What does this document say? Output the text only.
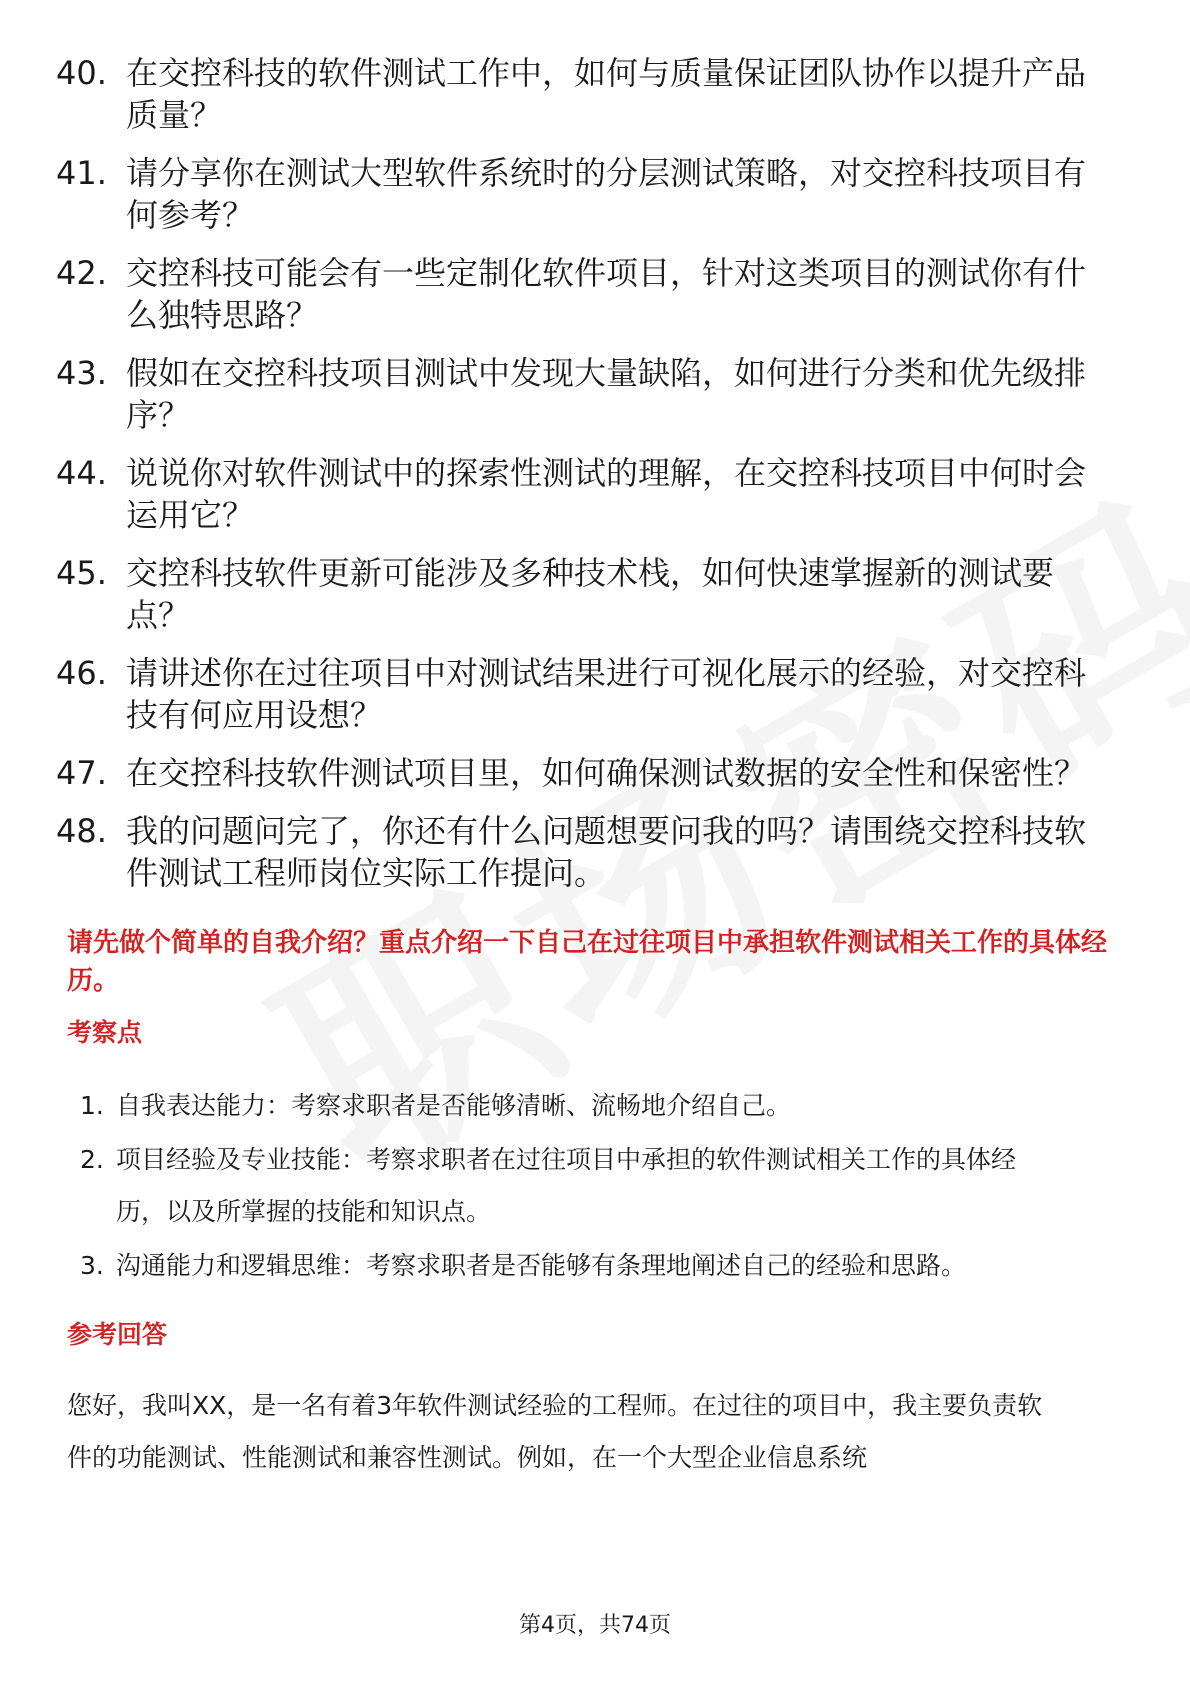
40. 在交控科技的软件测试工作中，如何与质量保证团队协作以提升产品质量？
41. 请分享你在测试大型软件系统时的分层测试策略，对交控科技项目有何参考？
42. 交控科技可能会有一些定制化软件项目，针对这类项目的测试你有什么独特思路？
43. 假如在交控科技项目测试中发现大量缺陷，如何进行分类和优先级排序？
44. 说说你对软件测试中的探索性测试的理解，在交控科技项目中何时会运用它？
45. 交控科技软件更新可能涉及多种技术栈，如何快速掌握新的测试要点？
46. 请讲述你在过往项目中对测试结果进行可视化展示的经验，对交控科技有何应用设想？
47. 在交控科技软件测试项目里，如何确保测试数据的安全性和保密性？
48. 我的问题问完了，你还有什么问题想要问我的吗？请围绕交控科技软件测试工程师岗位实际工作提问。
请先做个简单的自我介绍？重点介绍一下自己在过往项目中承担软件测试相关工作的具体经历。
考察点
1. 自我表达能力：考察求职者是否能够清晰、流畅地介绍自己。
2. 项目经验及专业技能：考察求职者在过往项目中承担的软件测试相关工作的具体经历，以及所掌握的技能和知识点。
3. 沟通能力和逻辑思维：考察求职者是否能够有条理地阐述自己的经验和思路。
参考回答
您好，我叫XX，是一名有着3年软件测试经验的工程师。在过往的项目中，我主要负责软件的功能测试、性能测试和兼容性测试。例如，在一个大型企业信息系统
第4页，共74页
